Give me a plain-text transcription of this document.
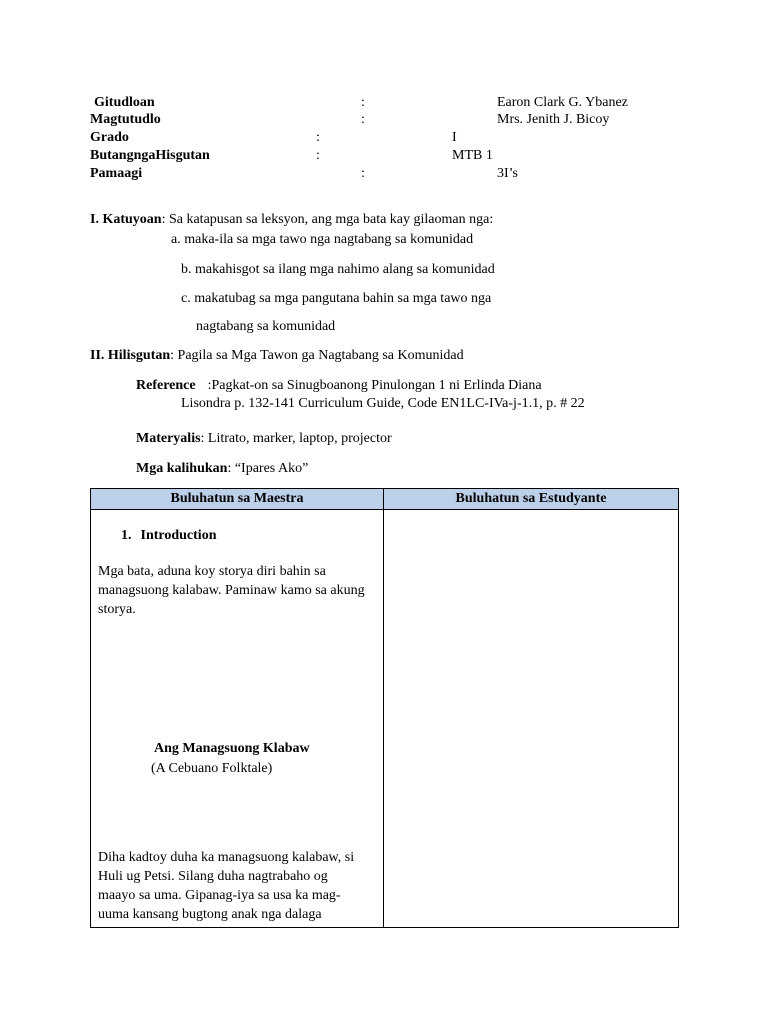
Gitudloan	:	Earon Clark G. Ybanez
Magtutudlo	:	Mrs. Jenith J. Bicoy
Grado	:	I
ButangngaHisgutan	:	MTB 1
Pamaagi	:	3I’s
I. Katuyoan: Sa katapusan sa leksyon, ang mga bata kay gilaoman nga:
a. maka-ila sa mga tawo nga nagtabang sa komunidad
b. makahisgot sa ilang mga nahimo alang sa komunidad
c. makatubag sa mga pangutana bahin sa mga tawo nga
nagtabang sa komunidad
II. Hilisgutan: Pagila sa Mga Tawon ga Nagtabang sa Komunidad
Reference :Pagkat-on sa Sinugboanong Pinulongan 1 ni Erlinda Diana
Lisondra p. 132-141 Curriculum Guide, Code EN1LC-IVa-j-1.1, p. # 22
Materyalis: Litrato, marker, laptop, projector
Mga kalihukan: “Ipares Ako”
Buluhatun sa Maestra	Buluhatun sa Estudyante

1. Introduction
Mga bata, aduna koy storya diri bahin sa managsuong kalabaw. Paminaw kamo sa akung storya.
Ang Managsuong Klabaw
(A Cebuano Folktale)
Diha kadtoy duha ka managsuong kalabaw, si Huli ug Petsi. Silang duha nagtrabaho og maayo sa uma. Gipanag-iya sa usa ka mag-uuma kansang bugtong anak nga dalaga	
